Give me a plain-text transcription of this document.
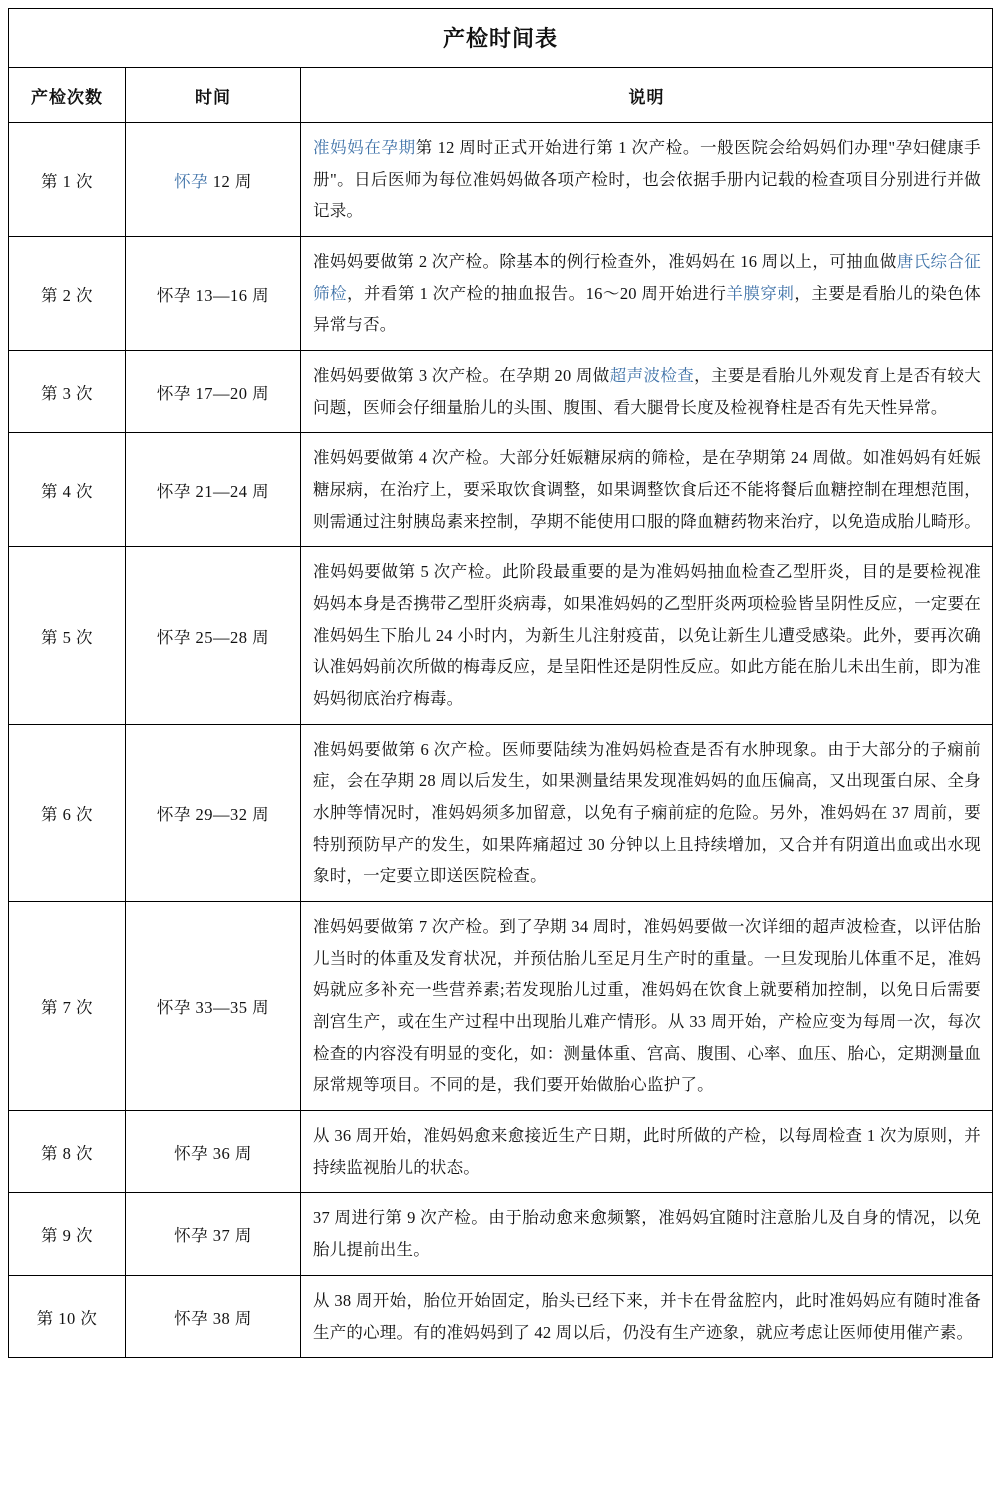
产检时间表		
产检次数	时间	说明
第 1 次	怀孕 12 周	准妈妈在孕期第 12 周时正式开始进行第 1 次产检。一般医院会给妈妈们办理"孕妇健康手册"。日后医师为每位准妈妈做各项产检时，也会依据手册内记载的检查项目分别进行并做记录。

第 2 次	怀孕 13—16 周	准妈妈要做第 2 次产检。除基本的例行检查外，准妈妈在 16 周以上，可抽血做唐氏综合征筛检，并看第 1 次产检的抽血报告。16～20 周开始进行羊膜穿刺，主要是看胎儿的染色体异常与否。

第 3 次	怀孕 17—20 周	准妈妈要做第 3 次产检。在孕期 20 周做超声波检查，主要是看胎儿外观发育上是否有较大问题，医师会仔细量胎儿的头围、腹围、看大腿骨长度及检视脊柱是否有先天性异常。

第 4 次	怀孕 21—24 周	准妈妈要做第 4 次产检。大部分妊娠糖尿病的筛检，是在孕期第 24 周做。如准妈妈有妊娠糖尿病，在治疗上，要采取饮食调整，如果调整饮食后还不能将餐后血糖控制在理想范围，则需通过注射胰岛素来控制，孕期不能使用口服的降血糖药物来治疗，以免造成胎儿畸形。

第 5 次	怀孕 25—28 周	准妈妈要做第 5 次产检。此阶段最重要的是为准妈妈抽血检查乙型肝炎，目的是要检视准妈妈本身是否携带乙型肝炎病毒，如果准妈妈的乙型肝炎两项检验皆呈阴性反应，一定要在准妈妈生下胎儿 24 小时内，为新生儿注射疫苗，以免让新生儿遭受感染。此外，要再次确认准妈妈前次所做的梅毒反应，是呈阳性还是阴性反应。如此方能在胎儿未出生前，即为准妈妈彻底治疗梅毒。

第 6 次	怀孕 29—32 周	准妈妈要做第 6 次产检。医师要陆续为准妈妈检查是否有水肿现象。由于大部分的子痫前症，会在孕期 28 周以后发生，如果测量结果发现准妈妈的血压偏高，又出现蛋白尿、全身水肿等情况时，准妈妈须多加留意，以免有子痫前症的危险。另外，准妈妈在 37 周前，要特别预防早产的发生，如果阵痛超过 30 分钟以上且持续增加，又合并有阴道出血或出水现象时，一定要立即送医院检查。

第 7 次	怀孕 33—35 周	准妈妈要做第 7 次产检。到了孕期 34 周时，准妈妈要做一次详细的超声波检查，以评估胎儿当时的体重及发育状况，并预估胎儿至足月生产时的重量。一旦发现胎儿体重不足，准妈妈就应多补充一些营养素;若发现胎儿过重，准妈妈在饮食上就要稍加控制，以免日后需要剖宫生产，或在生产过程中出现胎儿难产情形。从 33 周开始，产检应变为每周一次，每次检查的内容没有明显的变化，如：测量体重、宫高、腹围、心率、血压、胎心，定期测量血尿常规等项目。不同的是，我们要开始做胎心监护了。

第 8 次	怀孕 36 周	从 36 周开始，准妈妈愈来愈接近生产日期，此时所做的产检，以每周检查 1 次为原则，并持续监视胎儿的状态。

第 9 次	怀孕 37 周	37 周进行第 9 次产检。由于胎动愈来愈频繁，准妈妈宜随时注意胎儿及自身的情况，以免胎儿提前出生。

第 10 次	怀孕 38 周	从 38 周开始，胎位开始固定，胎头已经下来，并卡在骨盆腔内，此时准妈妈应有随时准备生产的心理。有的准妈妈到了 42 周以后，仍没有生产迹象，就应考虑让医师使用催产素。
